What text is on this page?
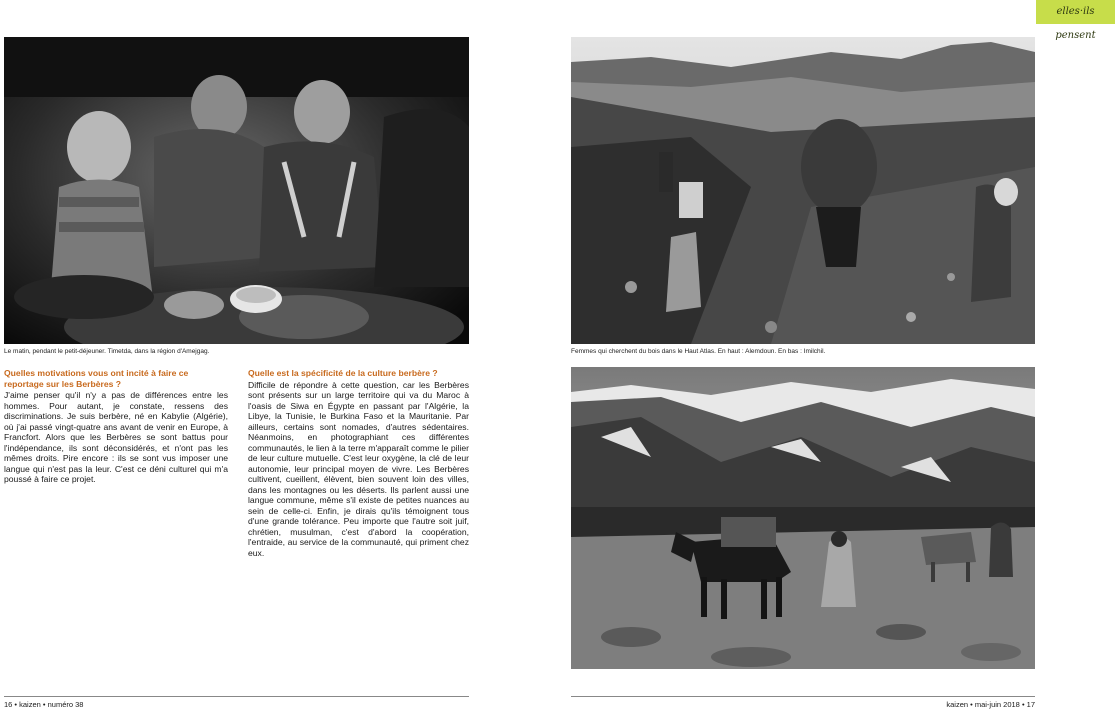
elles·ils pensent
Le matin, pendant le petit-déjeuner. Timetda, dans la région d'Amejgag.	Femmes qui cherchent du bois dans le Haut Atlas. En haut : Alemdoun. En bas : Imilchil.

Quelles motivations vous ont incité à faire ce reportage sur les Berbères ?

J'aime penser qu'il n'y a pas de différences entre les hommes. Pour autant, je constate, ressens des discriminations. Je suis berbère, né en Kabylie (Algérie), où j'ai passé vingt-quatre ans avant de venir en Europe, à Francfort. Alors que les Berbères se sont battus pour l'indépendance, ils sont déconsidérés, et n'ont pas les mêmes droits. Pire encore : ils se sont vus imposer une langue qui n'est pas la leur. C'est ce déni culturel qui m'a poussé à faire ce projet.

Quelle est la spécificité de la culture berbère ?

Difficile de répondre à cette question, car les Berbères sont présents sur un large territoire qui va du Maroc à l'oasis de Siwa en Égypte en passant par l'Algérie, la Libye, la Tunisie, le Burkina Faso et la Mauritanie. Par ailleurs, certains sont nomades, d'autres sédentaires. Néanmoins, en photographiant ces différentes communautés, le lien à la terre m'apparaît comme le pilier de leur culture mutuelle. C'est leur oxygène, la clé de leur autonomie, leur principal moyen de vivre. Les Berbères cultivent, cueillent, élèvent, bien souvent loin des villes, dans les montagnes ou les déserts. Ils parlent aussi une langue commune, même s'il existe de petites nuances au sein de celle-ci. Enfin, je dirais qu'ils témoignent tous d'une grande tolérance. Peu importe que l'autre soit juif, chrétien, musulman, c'est d'abord la coopération, l'entraide, au service de la communauté, qui priment chez eux.

16 • kaizen • numéro 38	kaizen • mai-juin 2018 • 17
